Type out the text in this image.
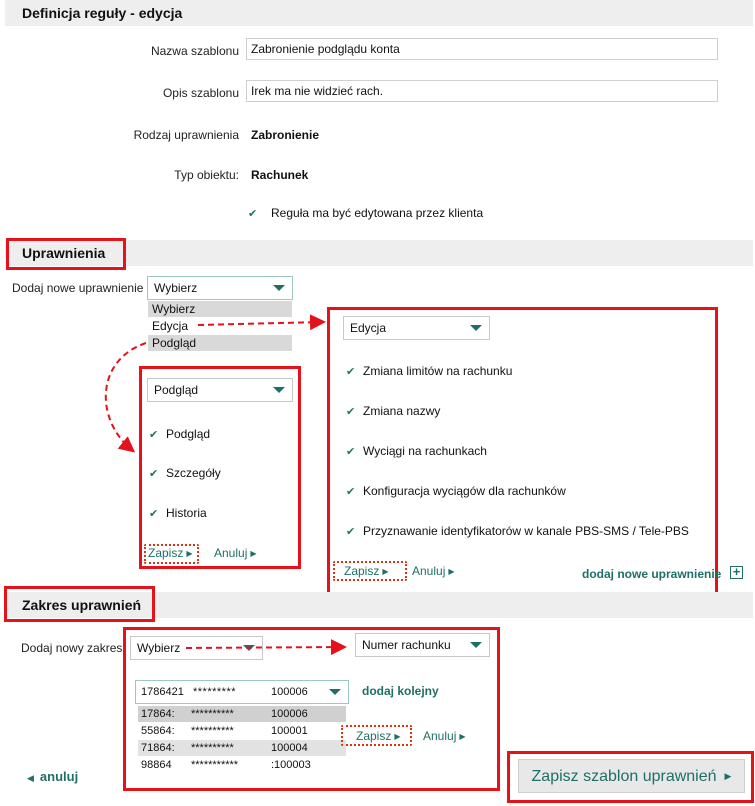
Definicja reguły - edycja
Nazwa szablonu	Zabronienie podglądu konta
Opis szablonu	Irek ma nie widzieć rach.
Rodzaj uprawnienia Zabronienie
Typ obiektu: Rachunek
✔ Reguła ma być edytowana przez klienta
Uprawnienia
Dodaj nowe uprawnienie Wybierz
Wybierz
Edycja
Podgląd
Podgląd
✔ Podgląd
✔ Szczegóły
✔ Historia
Zapisz ▶ Anuluj ▶
Edycja
✔ Zmiana limitów na rachunku
✔ Zmiana nazwy
✔ Wyciągi na rachunkach
✔ Konfiguracja wyciągów dla rachunków
✔ Przyznawanie identyfikatorów w kanale PBS-SMS / Tele-PBS
Zapisz ▶ Anuluj ▶	dodaj nowe uprawnienie +
Zakres uprawnień
Dodaj nowy zakres	Wybierz	Numer rachunku
1786421 *********	100006	dodaj kolejny
17864: **********	100006
55864: **********	100001
71864: **********	100004
98864 ***********	:100003
Zapisz ▶ Anuluj ▶
◀ anuluj	Zapisz szablon uprawnień ▶
